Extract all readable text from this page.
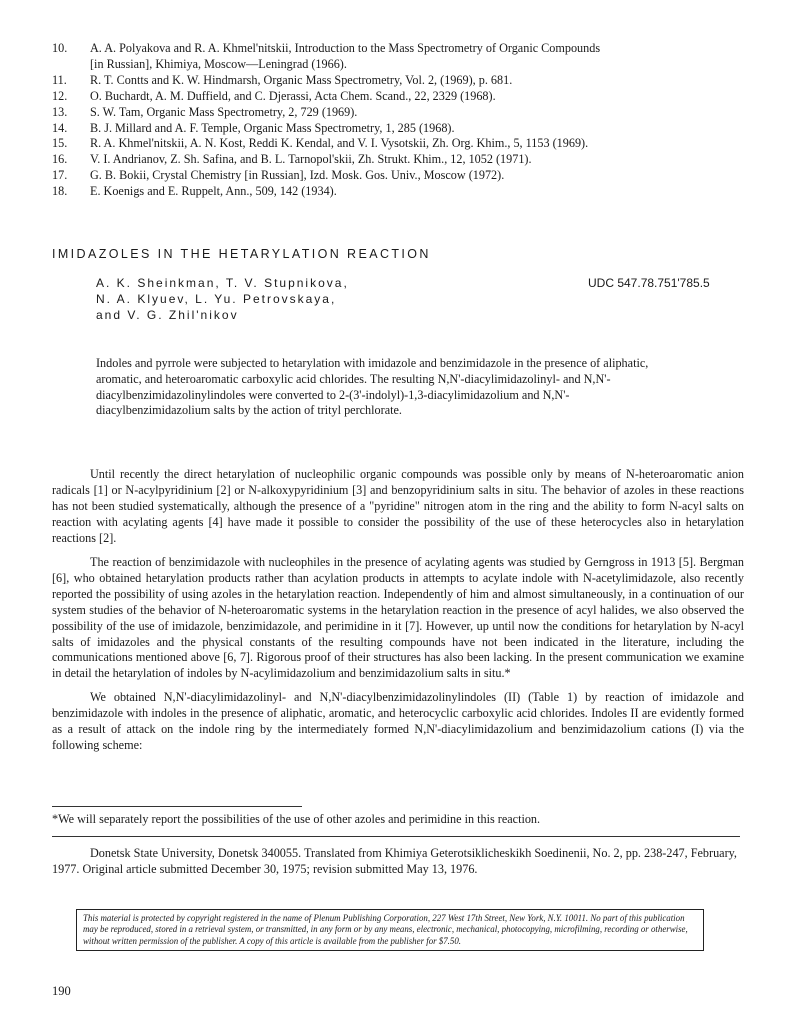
10.	A. A. Polyakova and R. A. Khmel'nitskii, Introduction to the Mass Spectrometry of Organic Compounds
[in Russian], Khimiya, Moscow—Leningrad (1966).
11.	R. T. Contts and K. W. Hindmarsh, Organic Mass Spectrometry, Vol. 2, (1969), p. 681.
12.	O. Buchardt, A. M. Duffield, and C. Djerassi, Acta Chem. Scand., 22, 2329 (1968).
13.	S. W. Tam, Organic Mass Spectrometry, 2, 729 (1969).
14.	B. J. Millard and A. F. Temple, Organic Mass Spectrometry, 1, 285 (1968).
15.	R. A. Khmel'nitskii, A. N. Kost, Reddi K. Kendal, and V. I. Vysotskii, Zh. Org. Khim., 5, 1153 (1969).
16.	V. I. Andrianov, Z. Sh. Safina, and B. L. Tarnopol'skii, Zh. Strukt. Khim., 12, 1052 (1971).
17.	G. B. Bokii, Crystal Chemistry [in Russian], Izd. Mosk. Gos. Univ., Moscow (1972).
18.	E. Koenigs and E. Ruppelt, Ann., 509, 142 (1934).
IMIDAZOLES IN THE HETARYLATION REACTION
A. K. Sheinkman, T. V. Stupnikova,
N. A. Klyuev, L. Yu. Petrovskaya,
and V. G. Zhil'nikov
UDC 547.78.751'785.5
Indoles and pyrrole were subjected to hetarylation with imidazole and benzimidazole in the presence of aliphatic, aromatic, and heteroaromatic carboxylic acid chlorides. The resulting N,N'-diacylimidazolinyl- and N,N'-diacylbenzimidazolinylindoles were converted to 2-(3'-indolyl)-1,3-diacylimidazolium and N,N'-diacylbenzimidazolium salts by the action of trityl perchlorate.

Until recently the direct hetarylation of nucleophilic organic compounds was possible only by means of N-heteroaromatic anion radicals [1] or N-acylpyridinium [2] or N-alkoxypyridinium [3] and benzopyridinium salts in situ. The behavior of azoles in these reactions has not been studied systematically, although the presence of a "pyridine" nitrogen atom in the ring and the ability to form N-acyl salts on reaction with acylating agents [4] have made it possible to consider the possibility of the use of these heterocycles also in hetarylation reactions [2].

The reaction of benzimidazole with nucleophiles in the presence of acylating agents was studied by Gerngross in 1913 [5]. Bergman [6], who obtained hetarylation products rather than acylation products in attempts to acylate indole with N-acetylimidazole, also recently reported the possibility of using azoles in the hetarylation reaction. Independently of him and almost simultaneously, in a continuation of our system studies of the behavior of N-heteroaromatic systems in the hetarylation reaction in the presence of acyl halides, we also observed the possibility of the use of imidazole, benzimidazole, and perimidine in it [7]. However, up until now the conditions for hetarylation by N-acyl salts of imidazoles and the physical constants of the resulting compounds have not been indicated in the literature, including the communications mentioned above [6, 7]. Rigorous proof of their structures has also been lacking. In the present communication we examine in detail the hetarylation of indoles by N-acylimidazolium and benzimidazolium salts in situ.*

We obtained N,N'-diacylimidazolinyl- and N,N'-diacylbenzimidazolinylindoles (II) (Table 1) by reaction of imidazole and benzimidazole with indoles in the presence of aliphatic, aromatic, and heterocyclic carboxylic acid chlorides. Indoles II are evidently formed as a result of attack on the indole ring by the intermediately formed N,N'-diacylimidazolium and benzimidazolium cations (I) via the following scheme:

*We will separately report the possibilities of the use of other azoles and perimidine in this reaction.
Donetsk State University, Donetsk 340055. Translated from Khimiya Geterotsiklicheskikh Soedinenii, No. 2, pp. 238-247, February, 1977. Original article submitted December 30, 1975; revision submitted May 13, 1976.
This material is protected by copyright registered in the name of Plenum Publishing Corporation, 227 West 17th Street, New York, N.Y. 10011. No part of this publication may be reproduced, stored in a retrieval system, or transmitted, in any form or by any means, electronic, mechanical, photocopying, microfilming, recording or otherwise, without written permission of the publisher. A copy of this article is available from the publisher for $7.50.
190
